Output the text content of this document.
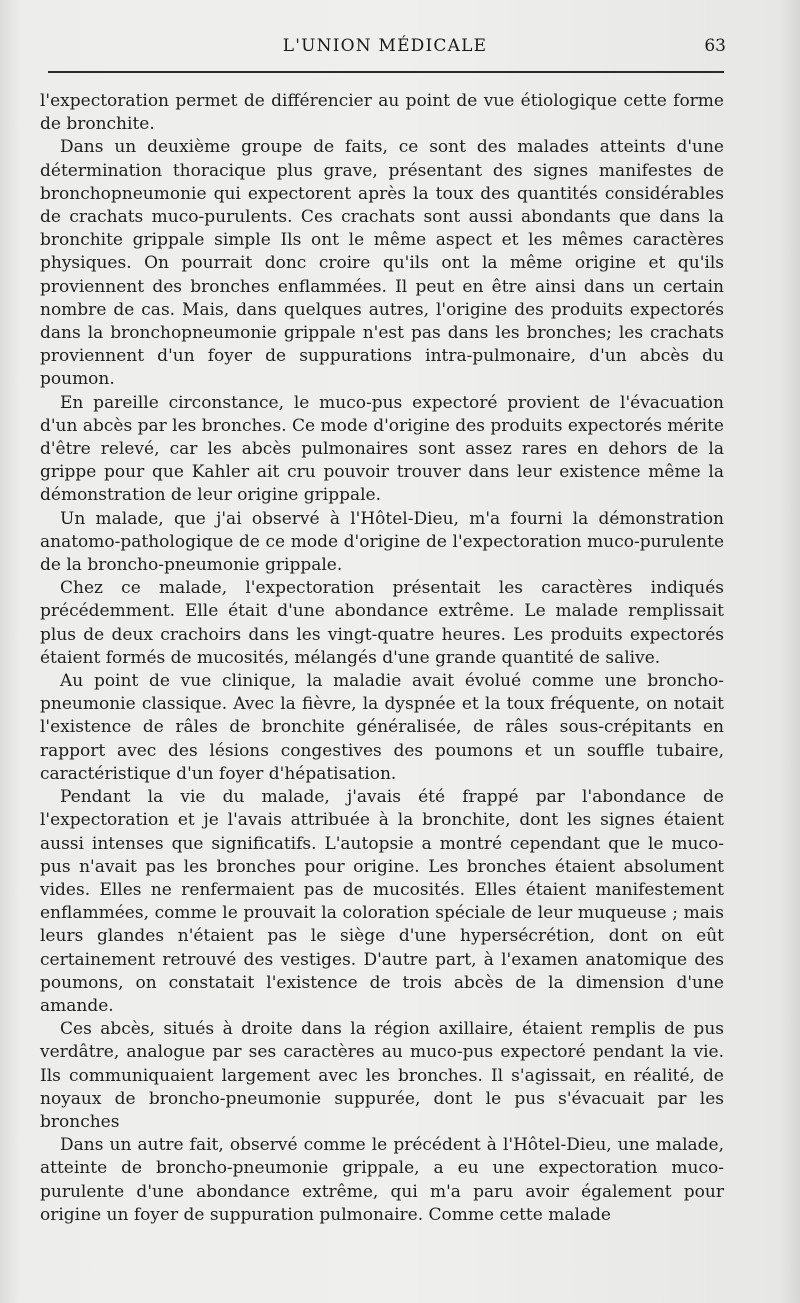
L'UNION MÉDICALE	63

l'expectoration permet de différencier au point de vue étiologique cette forme de bronchite.

Dans un deuxième groupe de faits, ce sont des malades atteints d'une détermination thoracique plus grave, présentant des signes manifestes de bronchopneumonie qui expectorent après la toux des quantités considérables de crachats muco-purulents. Ces crachats sont aussi abondants que dans la bronchite grippale simple Ils ont le même aspect et les mêmes caractères physiques. On pourrait donc croire qu'ils ont la même origine et qu'ils proviennent des bronches enflammées. Il peut en être ainsi dans un certain nombre de cas. Mais, dans quelques autres, l'origine des produits expectorés dans la bronchopneumonie grippale n'est pas dans les bronches; les crachats proviennent d'un foyer de suppurations intra-pulmonaire, d'un abcès du poumon.

En pareille circonstance, le muco-pus expectoré provient de l'évacuation d'un abcès par les bronches. Ce mode d'origine des produits expectorés mérite d'être relevé, car les abcès pulmonaires sont assez rares en dehors de la grippe pour que Kahler ait cru pouvoir trouver dans leur existence même la démonstration de leur origine grippale.

Un malade, que j'ai observé à l'Hôtel-Dieu, m'a fourni la démonstration anatomo-pathologique de ce mode d'origine de l'expectoration muco-purulente de la broncho-pneumonie grippale.

Chez ce malade, l'expectoration présentait les caractères indiqués précédemment. Elle était d'une abondance extrême. Le malade remplissait plus de deux crachoirs dans les vingt-quatre heures. Les produits expectorés étaient formés de mucosités, mélangés d'une grande quantité de salive.

Au point de vue clinique, la maladie avait évolué comme une broncho-pneumonie classique. Avec la fièvre, la dyspnée et la toux fréquente, on notait l'existence de râles de bronchite généralisée, de râles sous-crépitants en rapport avec des lésions congestives des poumons et un souffle tubaire, caractéristique d'un foyer d'hépatisation.

Pendant la vie du malade, j'avais été frappé par l'abondance de l'expectoration et je l'avais attribuée à la bronchite, dont les signes étaient aussi intenses que significatifs. L'autopsie a montré cependant que le muco-pus n'avait pas les bronches pour origine. Les bronches étaient absolument vides. Elles ne renfermaient pas de mucosités. Elles étaient manifestement enflammées, comme le prouvait la coloration spéciale de leur muqueuse ; mais leurs glandes n'étaient pas le siège d'une hypersécrétion, dont on eût certainement retrouvé des vestiges. D'autre part, à l'examen anatomique des poumons, on constatait l'existence de trois abcès de la dimension d'une amande.

Ces abcès, situés à droite dans la région axillaire, étaient remplis de pus verdâtre, analogue par ses caractères au muco-pus expectoré pendant la vie. Ils communiquaient largement avec les bronches. Il s'agissait, en réalité, de noyaux de broncho-pneumonie suppurée, dont le pus s'évacuait par les bronches

Dans un autre fait, observé comme le précédent à l'Hôtel-Dieu, une malade, atteinte de broncho-pneumonie grippale, a eu une expectoration muco-purulente d'une abondance extrême, qui m'a paru avoir également pour origine un foyer de suppuration pulmonaire. Comme cette malade
